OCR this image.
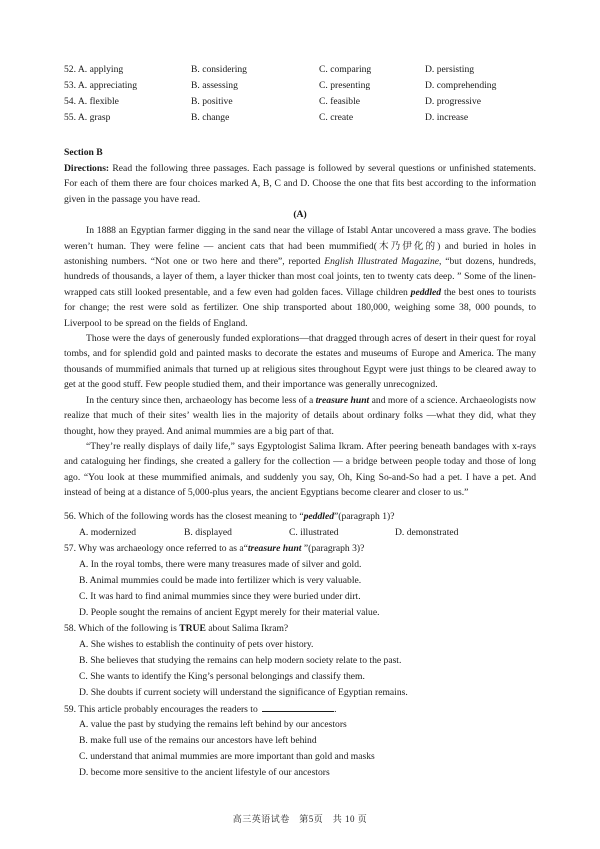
52. A. applying	B. considering	C. comparing	D. persisting
53. A. appreciating	B. assessing	C. presenting	D. comprehending
54. A. flexible	B. positive	C. feasible	D. progressive
55. A. grasp	B. change	C. create	D. increase
Section B

Directions: Read the following three passages. Each passage is followed by several questions or unfinished statements. For each of them there are four choices marked A, B, C and D. Choose the one that fits best according to the information given in the passage you have read.

(A)

In 1888 an Egyptian farmer digging in the sand near the village of Istabl Antar uncovered a mass grave. The bodies weren’t human. They were feline — ancient cats that had been mummified(木乃伊化的) and buried in holes in astonishing numbers. “Not one or two here and there”, reported English Illustrated Magazine, “but dozens, hundreds, hundreds of thousands, a layer of them, a layer thicker than most coal joints, ten to twenty cats deep. ” Some of the linen-wrapped cats still looked presentable, and a few even had golden faces. Village children peddled the best ones to tourists for change; the rest were sold as fertilizer. One ship transported about 180,000, weighing some 38, 000 pounds, to Liverpool to be spread on the fields of England.

Those were the days of generously funded explorations—that dragged through acres of desert in their quest for royal tombs, and for splendid gold and painted masks to decorate the estates and museums of Europe and America. The many thousands of mummified animals that turned up at religious sites throughout Egypt were just things to be cleared away to get at the good stuff. Few people studied them, and their importance was generally unrecognized.

In the century since then, archaeology has become less of a treasure hunt and more of a science. Archaeologists now realize that much of their sites’ wealth lies in the majority of details about ordinary folks —what they did, what they thought, how they prayed. And animal mummies are a big part of that.

“They’re really displays of daily life,” says Egyptologist Salima Ikram. After peering beneath bandages with x-rays and cataloguing her findings, she created a gallery for the collection — a bridge between people today and those of long ago. “You look at these mummified animals, and suddenly you say, Oh, King So-and-So had a pet. I have a pet. And instead of being at a distance of 5,000-plus years, the ancient Egyptians become clearer and closer to us.”

56. Which of the following words has the closest meaning to “peddled”(paragraph 1)?
A. modernized	B. displayed	C. illustrated	D. demonstrated
57. Why was archaeology once referred to as a“treasure hunt ”(paragraph 3)?
A. In the royal tombs, there were many treasures made of silver and gold.
B. Animal mummies could be made into fertilizer which is very valuable.
C. It was hard to find animal mummies since they were buried under dirt.
D. People sought the remains of ancient Egypt merely for their material value.
58. Which of the following is TRUE about Salima Ikram?
A. She wishes to establish the continuity of pets over history.
B. She believes that studying the remains can help modern society relate to the past.
C. She wants to identify the King’s personal belongings and classify them.
D. She doubts if current society will understand the significance of Egyptian remains.
59. This article probably encourages the readers to	.
A. value the past by studying the remains left behind by our ancestors
B. make full use of the remains our ancestors have left behind
C. understand that animal mummies are more important than gold and masks
D. become more sensitive to the ancient lifestyle of our ancestors
高三英语试卷　第5页　共 10 页
